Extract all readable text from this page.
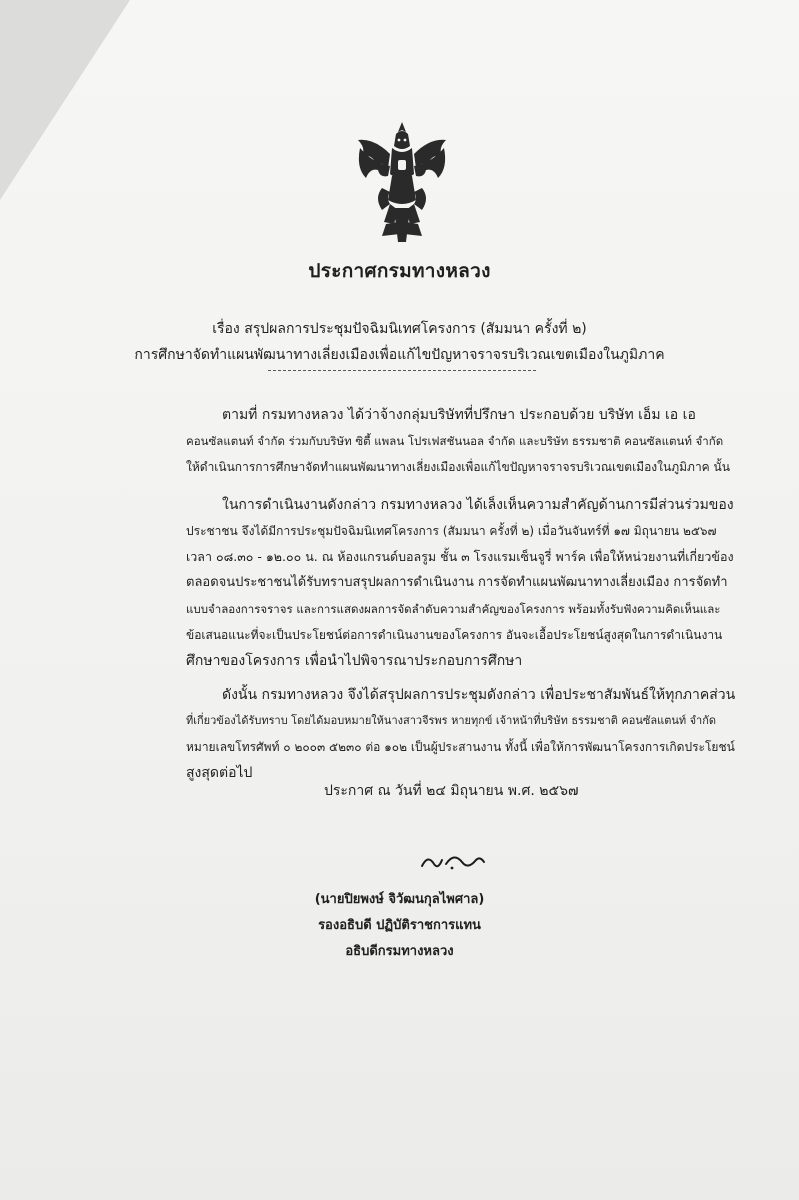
ประกาศกรมทางหลวง
เรื่อง สรุปผลการประชุมปัจฉิมนิเทศโครงการ (สัมมนา ครั้งที่ ๒)
การศึกษาจัดทำแผนพัฒนาทางเลี่ยงเมืองเพื่อแก้ไขปัญหาจราจรบริเวณเขตเมืองในภูมิภาค
ตามที่ กรมทางหลวง ได้ว่าจ้างกลุ่มบริษัทที่ปรึกษา ประกอบด้วย บริษัท เอ็ม เอ เอ
คอนซัลแตนท์ จำกัด ร่วมกับบริษัท ซิตี้ แพลน โปรเฟสชันนอล จำกัด และบริษัท ธรรมชาติ คอนซัลแตนท์ จำกัด
ให้ดำเนินการการศึกษาจัดทำแผนพัฒนาทางเลี่ยงเมืองเพื่อแก้ไขปัญหาจราจรบริเวณเขตเมืองในภูมิภาค นั้น
ในการดำเนินงานดังกล่าว กรมทางหลวง ได้เล็งเห็นความสำคัญด้านการมีส่วนร่วมของ
ประชาชน จึงได้มีการประชุมปัจฉิมนิเทศโครงการ (สัมมนา ครั้งที่ ๒) เมื่อวันจันทร์ที่ ๑๗ มิถุนายน ๒๕๖๗
เวลา ๐๘.๓๐ - ๑๒.๐๐ น. ณ ห้องแกรนด์บอลรูม ชั้น ๓ โรงแรมเซ็นจูรี่ พาร์ค เพื่อให้หน่วยงานที่เกี่ยวข้อง
ตลอดจนประชาชนได้รับทราบสรุปผลการดำเนินงาน การจัดทำแผนพัฒนาทางเลี่ยงเมือง การจัดทำ
แบบจำลองการจราจร และการแสดงผลการจัดลำดับความสำคัญของโครงการ พร้อมทั้งรับฟังความคิดเห็นและ
ข้อเสนอแนะที่จะเป็นประโยชน์ต่อการดำเนินงานของโครงการ อันจะเอื้อประโยชน์สูงสุดในการดำเนินงาน
ศึกษาของโครงการ เพื่อนำไปพิจารณาประกอบการศึกษา
ดังนั้น กรมทางหลวง จึงได้สรุปผลการประชุมดังกล่าว เพื่อประชาสัมพันธ์ให้ทุกภาคส่วน
ที่เกี่ยวข้องได้รับทราบ โดยได้มอบหมายให้นางสาวจีรพร หายทุกข์ เจ้าหน้าที่บริษัท ธรรมชาติ คอนซัลแตนท์ จำกัด
หมายเลขโทรศัพท์ ๐ ๒๐๐๓ ๕๒๓๐ ต่อ ๑๐๒ เป็นผู้ประสานงาน ทั้งนี้ เพื่อให้การพัฒนาโครงการเกิดประโยชน์
สูงสุดต่อไป
ประกาศ ณ วันที่ ๒๔ มิถุนายน พ.ศ. ๒๕๖๗
(นายปิยพงษ์ จิวัฒนกุลไพศาล)
รองอธิบดี ปฏิบัติราชการแทน
อธิบดีกรมทางหลวง
